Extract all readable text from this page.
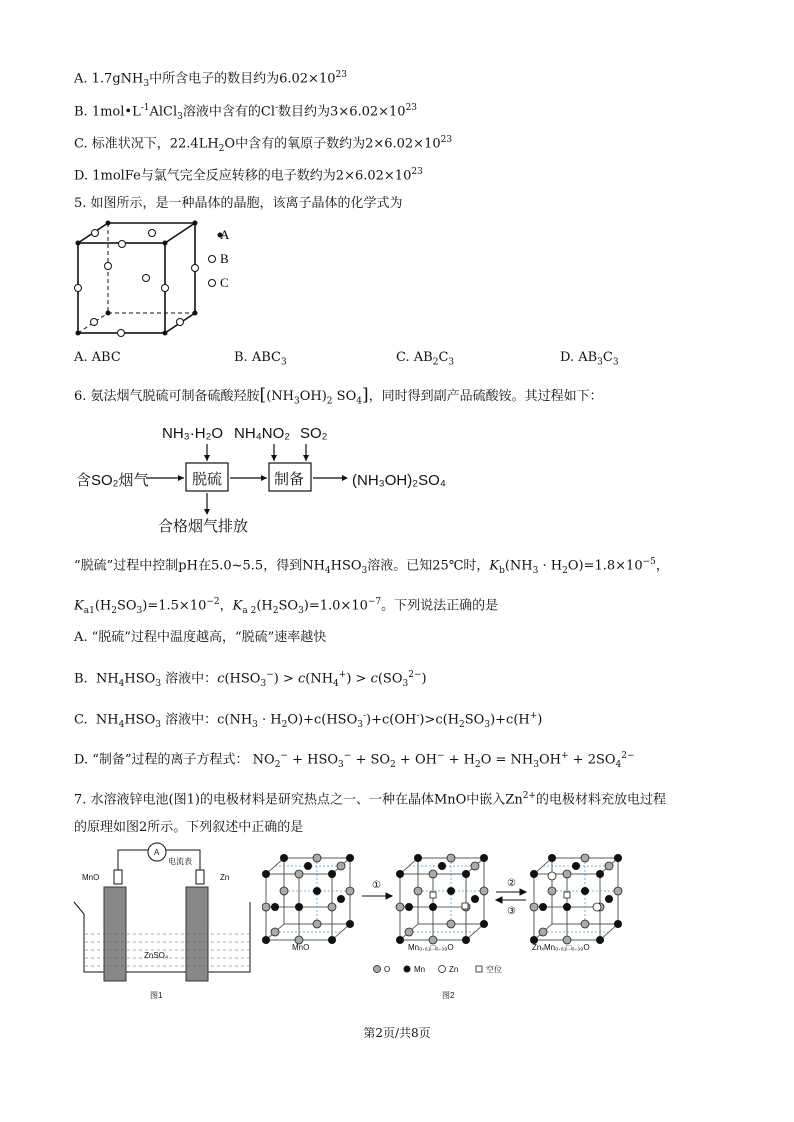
A. 1.7gNH$_3$中所含电子的数目约为$6.02\times 10^{23}$
B. $1mol•L^{-1}AlCl_3$溶液中含有的Cl-数目约为$3\times 6.02\times 10^{23}$
C. 标准状况下，$22.4LH_2O$中含有的氧原子数约为$2\times 6.02\times 10^{23}$
D. 1molFe与氯气完全反应转移的电子数约为$2\times 6.02\times 10^{23}$
5. 如图所示，是一种晶体的晶胞，该离子晶体的化学式为
A
B
C
A. ABC	B. $ABC_3$	C. $AB_2C_3$	D. $AB_3C_3$
6. 氨法烟气脱硫可制备硫酸羟胺[$(NH_3OH)_2$ $SO_4$]，同时得到副产品硫酸铵。其过程如下：
NH₃·H₂O NH₄NO₂ SO₂
含SO₂烟气	脱硫	制备	(NH₃OH)₂SO₄
合格烟气排放
“脱硫”过程中控制pH在5.0~5.5，得到$NH_4HSO_3$溶液。已知25℃时，$K_b(NH_3 \cdot H_2O)=1.8\times 10^{-5}$，
$K_{a1}(H_2SO_3)=1.5\times 10^{-2}$，$K_{a 2}(H_2SO_3)=1.0\times 10^{-7}$。下列说法正确的是
A. “脱硫”过程中温度越高，“脱硫”速率越快
B.  $NH_4HSO_3$ 溶液中：$c(HSO_3^-) > c(NH_4^+) > c(SO_3^{2-})$
C.  $NH_4HSO_3$ 溶液中：$c(NH_3 \cdot H_2O)+c(HSO_3^-)+c(OH^-)>c(H_2SO_3)+c(H^+)$
D. “制备”过程的离子方程式： $NO_2^- + HSO_3^- + SO_2 + OH^- + H_2O = NH_3OH^+ + 2SO_4^{2-}$
7. 水溶液锌电池(图1)的电极材料是研究热点之一、一种在晶体MnO中嵌入$Zn^{2+}$的电极材料充放电过程
的原理如图2所示。下列叙述中正确的是
A
电流表
MnO	Zn
ZnSO₄
图1
①	②
③
MnO	Mn₀.₆₁□₀.₃₉O	ZnₓMn₀.₆₁□₀.₃₉O
O	Mn	Zn	空位
图2
第2页/共8页
